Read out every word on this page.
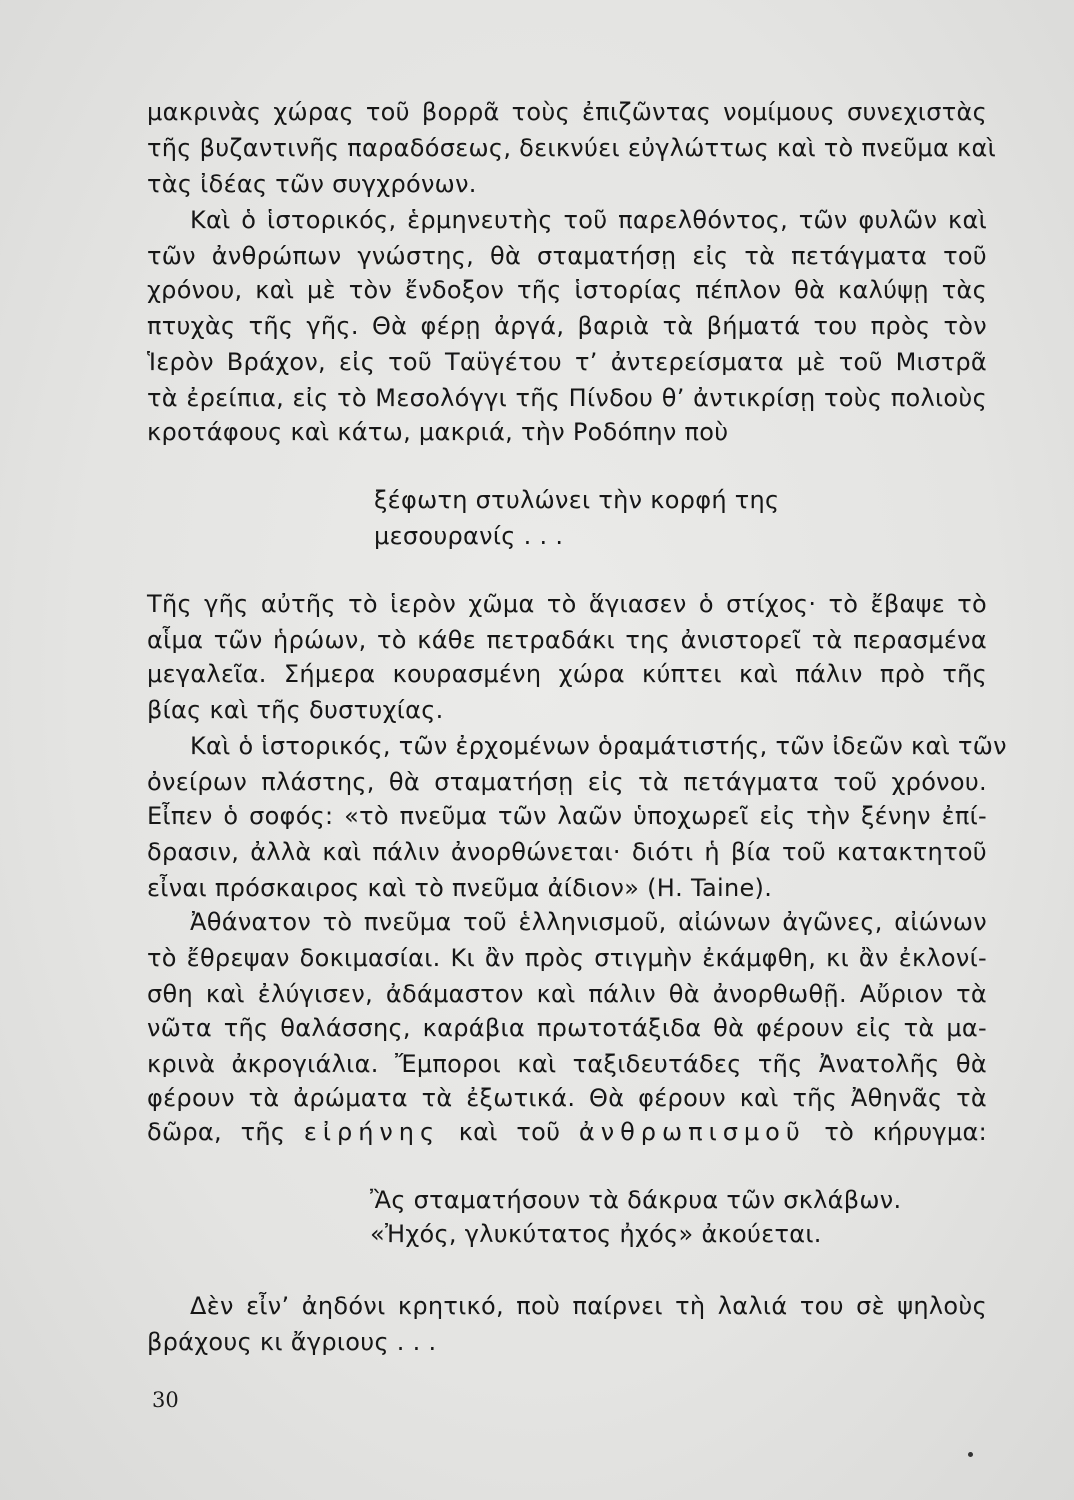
μακρινὰς χώρας τοῦ βορρᾶ τοὺς ἐπιζῶντας νομίμους συνεχιστὰς

τῆς βυζαντινῆς παραδόσεως, δεικνύει εὐγλώττως καὶ τὸ πνεῦμα καὶ

τὰς ἰδέας τῶν συγχρόνων.

Καὶ ὁ ἱστορικός, ἑρμηνευτὴς τοῦ παρελθόντος, τῶν φυλῶν καὶ

τῶν ἀνθρώπων γνώστης, θὰ σταματήσῃ εἰς τὰ πετάγματα τοῦ

χρόνου, καὶ μὲ τὸν ἔνδοξον τῆς ἱστορίας πέπλον θὰ καλύψῃ τὰς

πτυχὰς τῆς γῆς. Θὰ φέρῃ ἀργά, βαριὰ τὰ βήματά του πρὸς τὸν

Ἱερὸν Βράχον, εἰς τοῦ Ταϋγέτου τ’ ἀντερείσματα μὲ τοῦ Μιστρᾶ

τὰ ἐρείπια, εἰς τὸ Μεσολόγγι τῆς Πίνδου θ’ ἀντικρίσῃ τοὺς πολιοὺς

κροτάφους καὶ κάτω, μακριά, τὴν Ροδόπην ποὺ

ξέφωτη στυλώνει τὴν κορφή της

μεσουρανίς . . .

Τῆς γῆς αὐτῆς τὸ ἱερὸν χῶμα τὸ ἅγιασεν ὁ στίχος· τὸ ἔβαψε τὸ

αἷμα τῶν ἡρώων, τὸ κάθε πετραδάκι της ἀνιστορεῖ τὰ περασμένα

μεγαλεῖα. Σήμερα κουρασμένη χώρα κύπτει καὶ πάλιν πρὸ τῆς

βίας καὶ τῆς δυστυχίας.

Καὶ ὁ ἱστορικός, τῶν ἐρχομένων ὁραμάτιστής, τῶν ἰδεῶν καὶ τῶν

ὀνείρων πλάστης, θὰ σταματήσῃ εἰς τὰ πετάγματα τοῦ χρόνου.

Εἶπεν ὁ σοφός: «τὸ πνεῦμα τῶν λαῶν ὑποχωρεῖ εἰς τὴν ξένην ἐπί-

δρασιν, ἀλλὰ καὶ πάλιν ἀνορθώνεται· διότι ἡ βία τοῦ κατακτητοῦ

εἶναι πρόσκαιρος καὶ τὸ πνεῦμα ἀίδιον» (Η. Taine).

Ἀθάνατον τὸ πνεῦμα τοῦ ἑλληνισμοῦ, αἰώνων ἀγῶνες, αἰώνων

τὸ ἔθρεψαν δοκιμασίαι. Κι ἂν πρὸς στιγμὴν ἐκάμφθη, κι ἂν ἐκλονί-

σθη καὶ ἐλύγισεν, ἀδάμαστον καὶ πάλιν θὰ ἀνορθωθῇ. Αὔριον τὰ

νῶτα τῆς θαλάσσης, καράβια πρωτοτάξιδα θὰ φέρουν εἰς τὰ μα-

κρινὰ ἀκρογιάλια. Ἔμποροι καὶ ταξιδευτάδες τῆς Ἀνατολῆς θὰ

φέρουν τὰ ἀρώματα τὰ ἐξωτικά. Θὰ φέρουν καὶ τῆς Ἀθηνᾶς τὰ

δῶρα, τῆς εἰρήνης καὶ τοῦ ἀνθρωπισμοῦ τὸ κήρυγμα:

Ἂς σταματήσουν τὰ δάκρυα τῶν σκλάβων.

«Ἠχός, γλυκύτατος ἠχός» ἀκούεται.

Δὲν εἶν’ ἀηδόνι κρητικό, ποὺ παίρνει τὴ λαλιά του σὲ ψηλοὺς

βράχους κι ἄγριους . . .

30
